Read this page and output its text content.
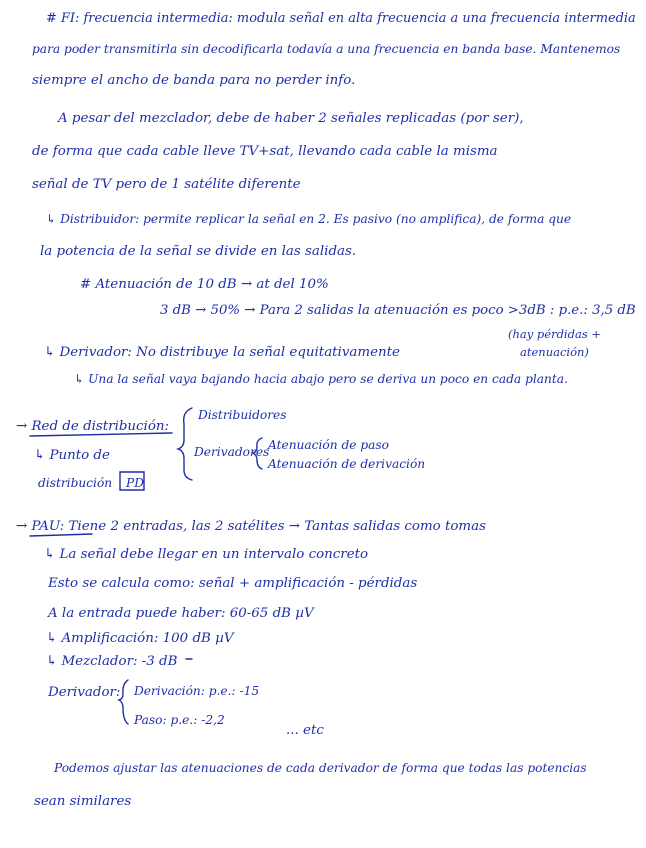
# FI: frecuencia intermedia: modula señal en alta frecuencia a una frecuencia intermedia
para poder transmitirla sin decodificarla todavía a una frecuencia en banda base. Mantenemos
siempre el ancho de banda para no perder info.
A pesar del mezclador, debe de haber 2 señales replicadas (por ser),
de forma que cada cable lleve TV+sat, llevando cada cable la misma
señal de TV pero de 1 satélite diferente
↳ Distribuidor: permite replicar la señal en 2. Es pasivo (no amplifica), de forma que
la potencia de la señal se divide en las salidas.
# Atenuación de 10 dB → at del 10%
3 dB → 50% → Para 2 salidas la atenuación es poco >3dB : p.e.: 3,5 dB
(hay pérdidas +
atenuación)
↳ Derivador: No distribuye la señal equitativamente
↳ Una la señal vaya bajando hacia abajo pero se deriva un poco en cada planta.
→ Red de distribución:
Distribuidores
Derivadores
Atenuación de paso
Atenuación de derivación
↳ Punto de
distribución PD
→ PAU: Tiene 2 entradas, las 2 satélites → Tantas salidas como tomas
↳ La señal debe llegar en un intervalo concreto
Esto se calcula como: señal + amplificación - pérdidas
A la entrada puede haber: 60-65 dB µV
↳ Amplificación: 100 dB µV
↳ Mezclador: -3 dB
Derivador: Derivación: p.e.: -15
Paso: p.e.: -2,2
... etc
Podemos ajustar las atenuaciones de cada derivador de forma que todas las potencias
sean similares
